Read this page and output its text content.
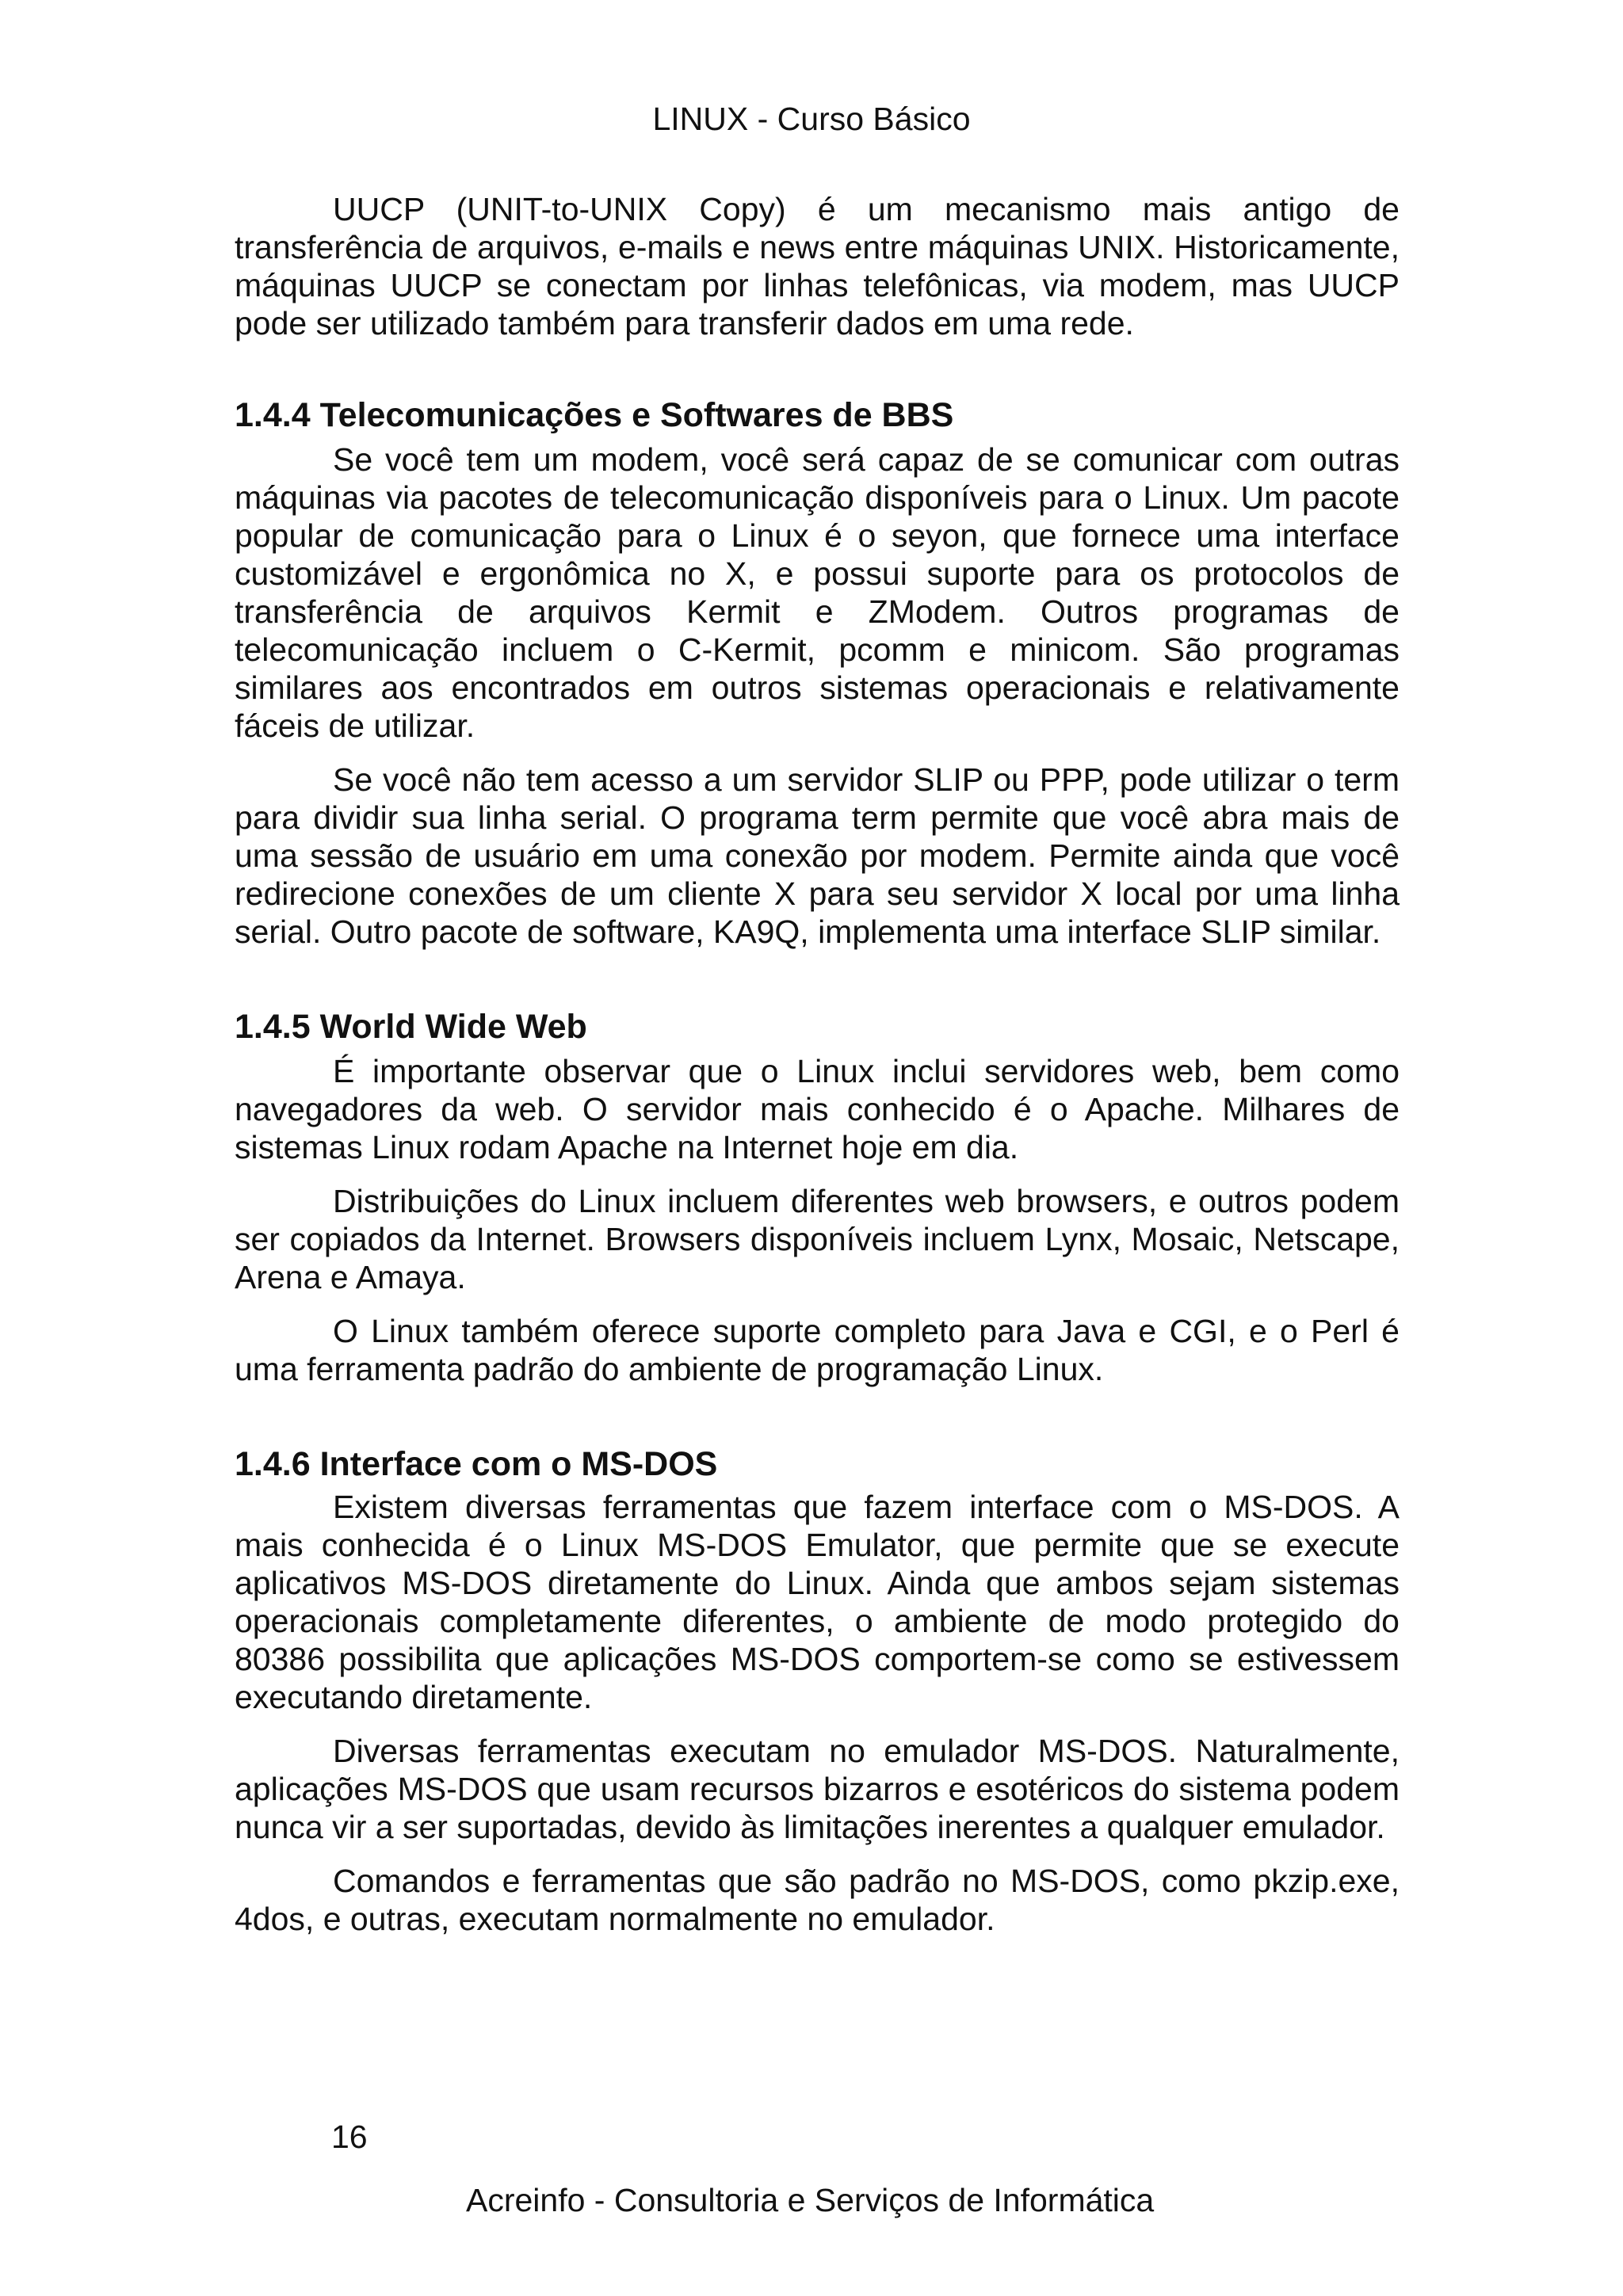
LINUX - Curso Básico

UUCP (UNIT-to-UNIX Copy) é um mecanismo mais antigo de transferência de arquivos, e-mails e news entre máquinas UNIX. Historicamente, máquinas UUCP se conectam por linhas telefônicas, via modem, mas UUCP pode ser utilizado também para transferir dados em uma rede.

1.4.4 Telecomunicações e Softwares de BBS

Se você tem um modem, você será capaz de se comunicar com outras máquinas via pacotes de telecomunicação disponíveis para o Linux. Um pacote popular de comunicação para o Linux é o seyon, que fornece uma interface customizável e ergonômica no X, e possui suporte para os protocolos de transferência de arquivos Kermit e ZModem. Outros programas de telecomunicação incluem o C-Kermit, pcomm e minicom. São programas similares aos encontrados em outros sistemas operacionais e relativamente fáceis de utilizar.

Se você não tem acesso a um servidor SLIP ou PPP, pode utilizar o term para dividir sua linha serial. O programa term permite que você abra mais de uma sessão de usuário em uma conexão por modem. Permite ainda que você redirecione conexões de um cliente X para seu servidor X local por uma linha serial. Outro pacote de software, KA9Q, implementa uma interface SLIP similar.

1.4.5 World Wide Web

É importante observar que o Linux inclui servidores web, bem como navegadores da web. O servidor mais conhecido é o Apache. Milhares de sistemas Linux rodam Apache na Internet hoje em dia.

Distribuições do Linux incluem diferentes web browsers, e outros podem ser copiados da Internet. Browsers disponíveis incluem Lynx, Mosaic, Netscape, Arena e Amaya.

O Linux também oferece suporte completo para Java e CGI, e o Perl é uma ferramenta padrão do ambiente de programação Linux.

1.4.6 Interface com o MS-DOS

Existem diversas ferramentas que fazem interface com o MS-DOS. A mais conhecida é o Linux MS-DOS Emulator, que permite que se execute aplicativos MS-DOS diretamente do Linux. Ainda que ambos sejam sistemas operacionais completamente diferentes, o ambiente de modo protegido do 80386 possibilita que aplicações MS-DOS comportem-se como se estivessem executando diretamente.

Diversas ferramentas executam no emulador MS-DOS. Naturalmente, aplicações MS-DOS que usam recursos bizarros e esotéricos do sistema podem nunca vir a ser suportadas, devido às limitações inerentes a qualquer emulador.

Comandos e ferramentas que são padrão no MS-DOS, como pkzip.exe, 4dos, e outras, executam normalmente no emulador.

16
Acreinfo - Consultoria e Serviços de Informática
